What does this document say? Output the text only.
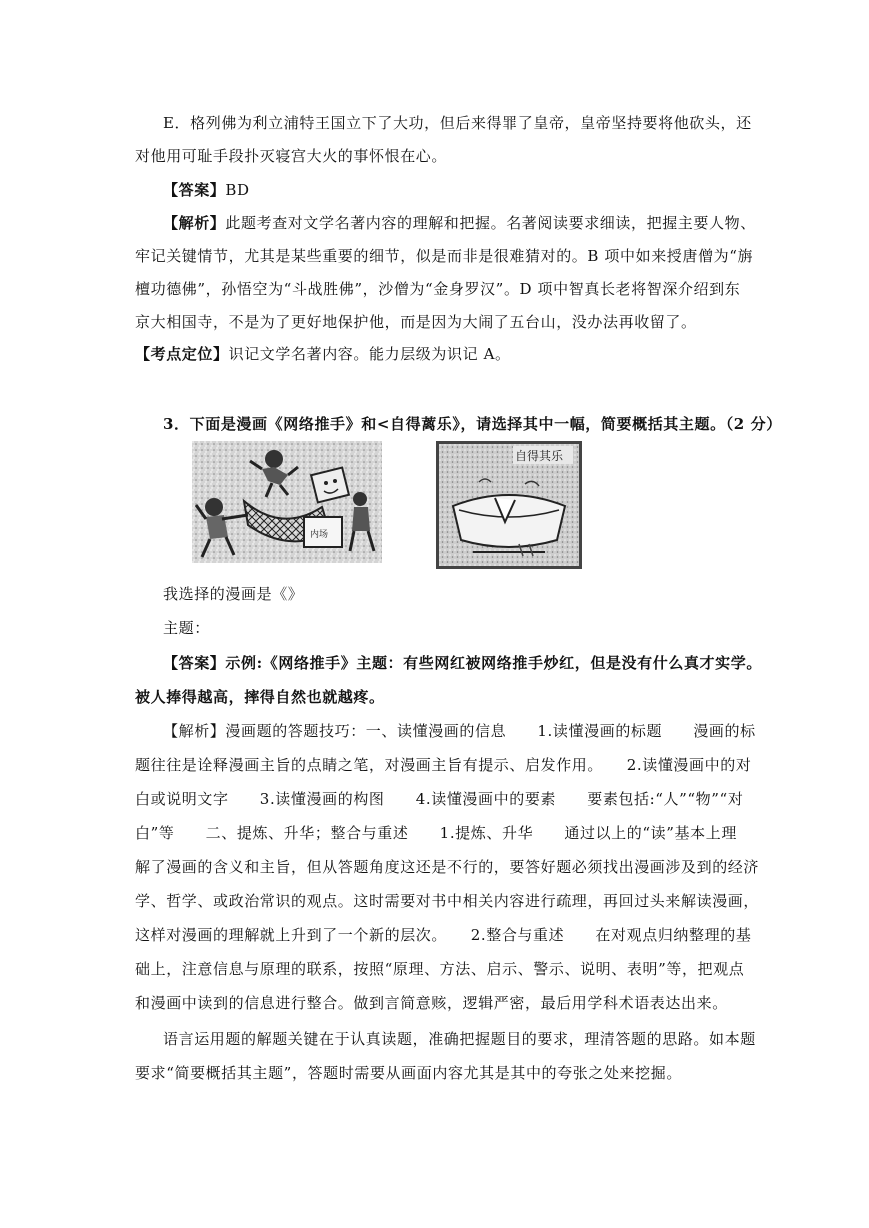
E．格列佛为利立浦特王国立下了大功，但后来得罪了皇帝，皇帝坚持要将他砍头，还
对他用可耻手段扑灭寝宫大火的事怀恨在心。
【答案】BD
【解析】此题考查对文学名著内容的理解和把握。名著阅读要求细读，把握主要人物、
牢记关键情节，尤其是某些重要的细节，似是而非是很难猜对的。B 项中如来授唐僧为“旃
檀功德佛”，孙悟空为“斗战胜佛”，沙僧为“金身罗汉”。D 项中智真长老将智深介绍到东
京大相国寺，不是为了更好地保护他，而是因为大闹了五台山，没办法再收留了。
【考点定位】识记文学名著内容。能力层级为识记 A。
3．下面是漫画《网络推手》和<自得蓠乐》，请选择其中一幅，简要概括其主题。（2 分）
内场
自得其乐
我选择的漫画是《》
主题：
【答案】示例:《网络推手》主题：有些网红被网络推手炒红，但是没有什么真才实学。
被人捧得越高，摔得自然也就越疼。
【解析】漫画题的答题技巧：一、读懂漫画的信息　　1.读懂漫画的标题　　漫画的标
题往往是诠释漫画主旨的点睛之笔，对漫画主旨有提示、启发作用。　　2.读懂漫画中的对
白或说明文字　　3.读懂漫画的构图　　4.读懂漫画中的要素　　要素包括:“人”“物”“对
白”等　　二、提炼、升华；整合与重述　　1.提炼、升华　　通过以上的“读”基本上理
解了漫画的含义和主旨，但从答题角度这还是不行的，要答好题必须找出漫画涉及到的经济
学、哲学、或政治常识的观点。这时需要对书中相关内容进行疏理，再回过头来解读漫画，
这样对漫画的理解就上升到了一个新的层次。　　2.整合与重述　　在对观点归纳整理的基
础上，注意信息与原理的联系，按照“原理、方法、启示、警示、说明、表明”等，把观点
和漫画中读到的信息进行整合。做到言简意赅，逻辑严密，最后用学科术语表达出来。
语言运用题的解题关键在于认真读题，准确把握题目的要求，理清答题的思路。如本题
要求“简要概括其主题”，答题时需要从画面内容尤其是其中的夸张之处来挖掘。
